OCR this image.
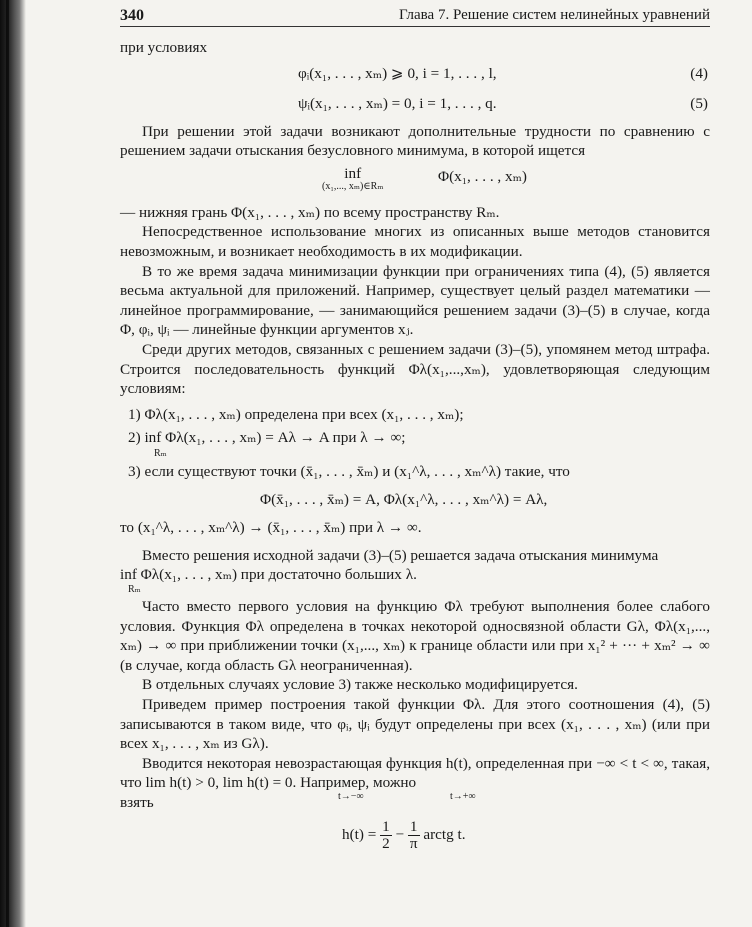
340	Глава 7. Решение систем нелинейных уравнений

при условиях

φᵢ(x₁, . . . , xₘ) ⩾ 0, i = 1, . . . , l,	(4)
ψᵢ(x₁, . . . , xₘ) = 0, i = 1, . . . , q.	(5)

При решении этой задачи возникают дополнительные трудности по сравнению с решением задачи отыскания безусловного минимума, в которой ищется

inf
(x₁,..., xₘ)∈Rₘ
Φ(x₁, . . . , xₘ)

— нижняя грань Φ(x₁, . . . , xₘ) по всему пространству Rₘ.

Непосредственное использование многих из описанных выше методов становится невозможным, и возникает необходимость в их модификации.

В то же время задача минимизации функции при ограничениях типа (4), (5) является весьма актуальной для приложений. Например, существует целый раздел математики — линейное программирование, — занимающийся решением задачи (3)–(5) в случае, когда Φ, φᵢ, ψᵢ — линейные функции аргументов xⱼ.

Среди других методов, связанных с решением задачи (3)–(5), упомянем метод штрафа. Строится последовательность функций Φλ(x₁,...,xₘ), удовлетворяющая следующим условиям:

1) Φλ(x₁, . . . , xₘ) определена при всех (x₁, . . . , xₘ);

2) inf Φλ(x₁, . . . , xₘ) = Aλ → A при λ → ∞;
Rₘ

3) если существуют точки (x̄₁, . . . , x̄ₘ) и (x₁^λ, . . . , xₘ^λ) такие, что

Φ(x̄₁, . . . , x̄ₘ) = A, Φλ(x₁^λ, . . . , xₘ^λ) = Aλ,

то (x₁^λ, . . . , xₘ^λ) → (x̄₁, . . . , x̄ₘ) при λ → ∞.

Вместо решения исходной задачи (3)–(5) решается задача отыскания минимума

inf Φλ(x₁, . . . , xₘ) при достаточно больших λ.
Rₘ

Часто вместо первого условия на функцию Φλ требуют выполнения более слабого условия. Функция Φλ определена в точках некоторой односвязной области Gλ, Φλ(x₁,..., xₘ) → ∞ при приближении точки (x₁,..., xₘ) к границе области или при x₁² + ··· + xₘ² → ∞ (в случае, когда область Gλ неограниченная).

В отдельных случаях условие 3) также несколько модифицируется.

Приведем пример построения такой функции Φλ. Для этого соотношения (4), (5) записываются в таком виде, что φᵢ, ψᵢ будут определены при всех (x₁, . . . , xₘ) (или при всех x₁, . . . , xₘ из Gλ).

Вводится некоторая невозрастающая функция h(t), определенная при −∞ < t < ∞, такая, что lim h(t) > 0, lim h(t) = 0. Например, можно

взять	t→−∞	t→+∞

$h(t) = \frac{1}{2} - \frac{1}{\pi}$ arctg t.
